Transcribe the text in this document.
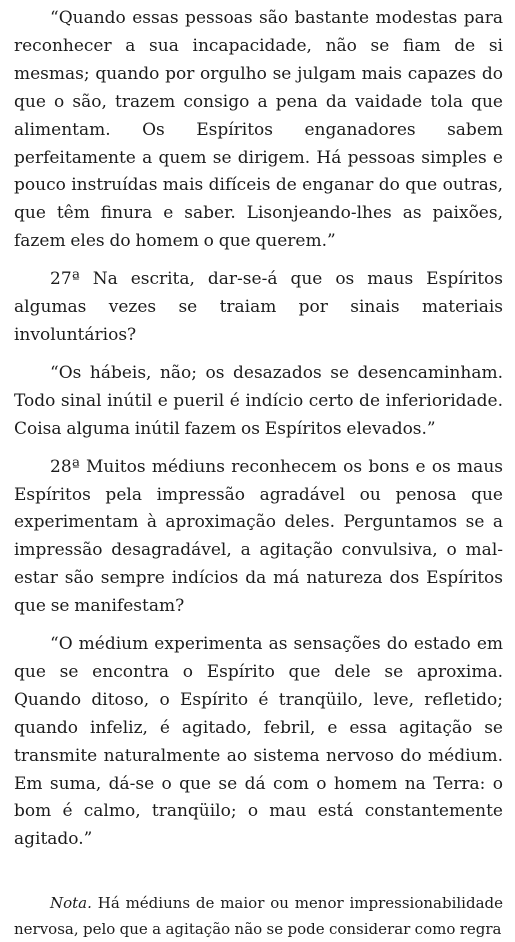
“Quando essas pessoas são bastante modestas para reconhecer a sua incapacidade, não se fiam de si mesmas; quando por orgulho se julgam mais capazes do que o são, trazem consigo a pena da vaidade tola que alimentam. Os Espíritos enganadores sabem perfeitamente a quem se dirigem. Há pessoas simples e pouco instruídas mais difíceis de enganar do que outras, que têm finura e saber. Lisonjeando-lhes as paixões, fazem eles do homem o que querem.”

27ª Na escrita, dar-se-á que os maus Espíritos algumas vezes se traiam por sinais materiais involuntários?

“Os hábeis, não; os desazados se desencaminham. Todo sinal inútil e pueril é indício certo de inferioridade. Coisa alguma inútil fazem os Espíritos elevados.”

28ª Muitos médiuns reconhecem os bons e os maus Espíritos pela impressão agradável ou penosa que experimentam à aproximação deles. Perguntamos se a impressão desagradável, a agitação convulsiva, o mal-estar são sempre indícios da má natureza dos Espíritos que se manifestam?

“O médium experimenta as sensações do estado em que se encontra o Espírito que dele se aproxima. Quando ditoso, o Espírito é tranqüilo, leve, refletido; quando infeliz, é agitado, febril, e essa agitação se transmite naturalmente ao sistema nervoso do médium. Em suma, dá-se o que se dá com o homem na Terra: o bom é calmo, tranqüilo; o mau está constantemente agitado.”

Nota. Há médiuns de maior ou menor impressionabilidade nervosa, pelo que a agitação não se pode considerar como regra
